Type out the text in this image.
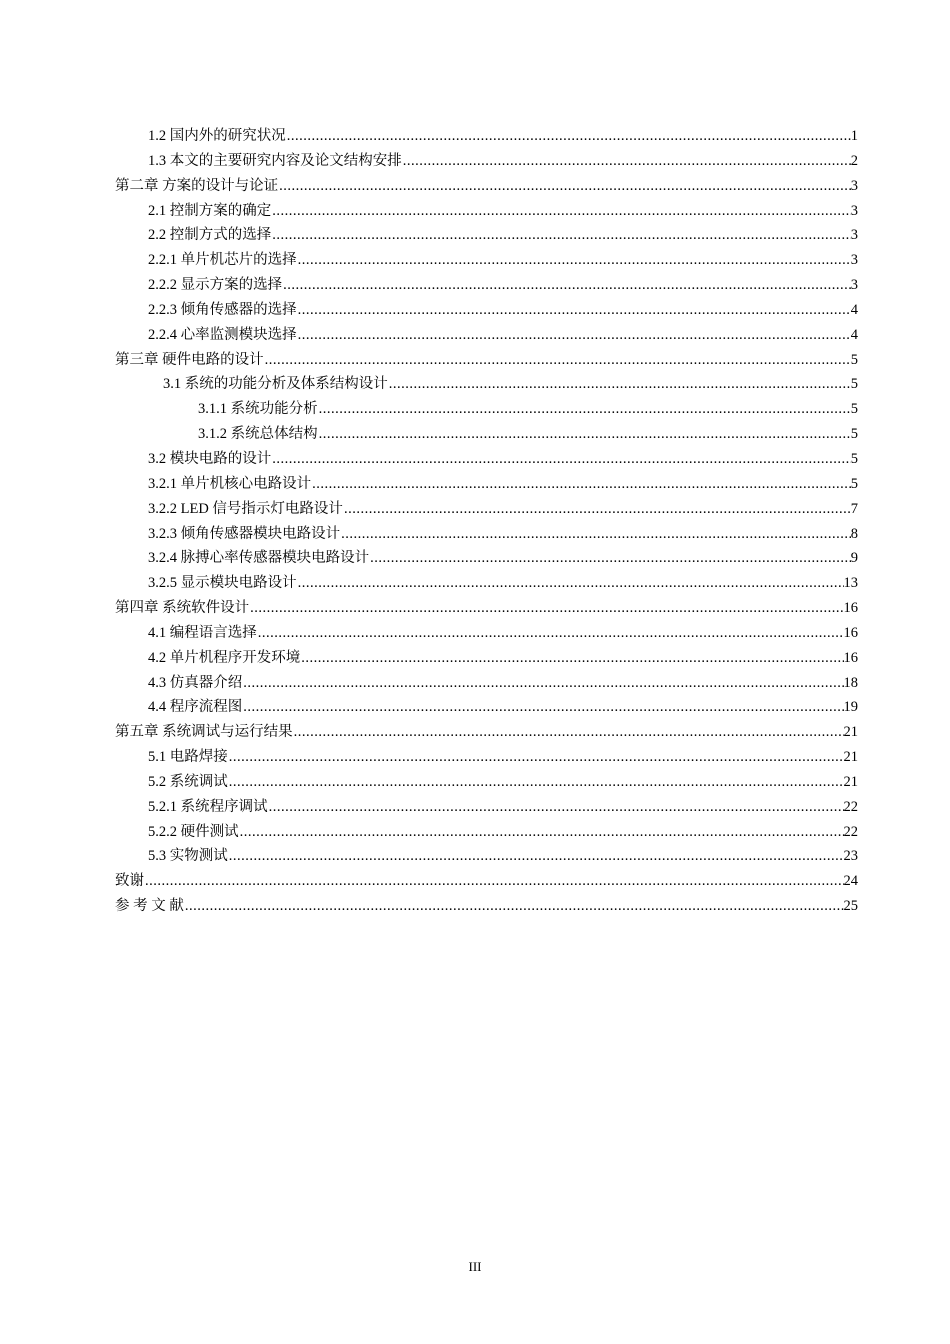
1.2 国内外的研究状况 .....	1
1.3 本文的主要研究内容及论文结构安排 .....	2
第二章 方案的设计与论证 .....	3
2.1 控制方案的确定 .....	3
2.2 控制方式的选择 .....	3
2.2.1 单片机芯片的选择 .....	3
2.2.2 显示方案的选择 .....	3
2.2.3 倾角传感器的选择 .....	4
2.2.4 心率监测模块选择 .....	4
第三章 硬件电路的设计 .....	5
3.1 系统的功能分析及体系结构设计 .....	5
3.1.1 系统功能分析 .....	5
3.1.2 系统总体结构 .....	5
3.2 模块电路的设计 .....	5
3.2.1 单片机核心电路设计 .....	5
3.2.2 LED 信号指示灯电路设计 .....	7
3.2.3 倾角传感器模块电路设计 .....	8
3.2.4 脉搏心率传感器模块电路设计 .....	9
3.2.5 显示模块电路设计 .....	13
第四章 系统软件设计 .....	16
4.1 编程语言选择 .....	16
4.2 单片机程序开发环境 .....	16
4.3 仿真器介绍 .....	18
4.4 程序流程图 .....	19
第五章 系统调试与运行结果 .....	21
5.1 电路焊接 .....	21
5.2 系统调试 .....	21
5.2.1 系统程序调试 .....	22
5.2.2 硬件测试 .....	22
5.3 实物测试 .....	23
致谢 .....	24
参 考 文 献 .....	25
III
